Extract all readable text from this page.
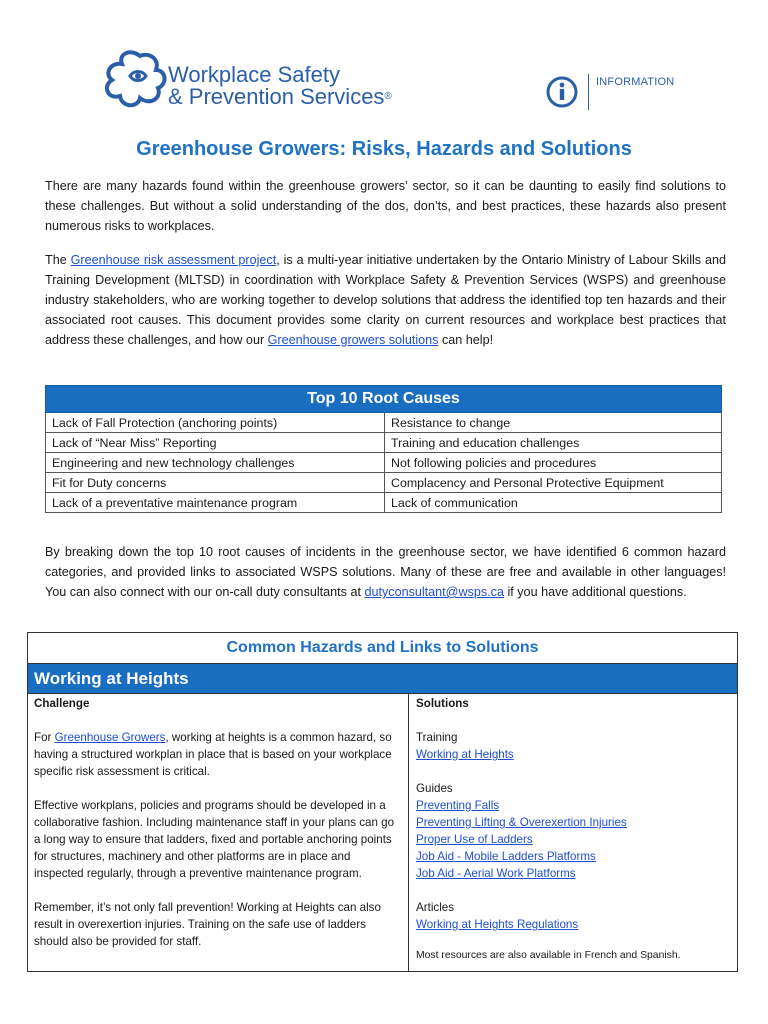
Workplace Safety
& Prevention Services®
INFORMATION
Greenhouse Growers: Risks, Hazards and Solutions

There are many hazards found within the greenhouse growers’ sector, so it can be daunting to easily find solutions to these challenges. But without a solid understanding of the dos, don’ts, and best practices, these hazards also present numerous risks to workplaces.

The Greenhouse risk assessment project, is a multi-year initiative undertaken by the Ontario Ministry of Labour Skills and Training Development (MLTSD) in coordination with Workplace Safety & Prevention Services (WSPS) and greenhouse industry stakeholders, who are working together to develop solutions that address the identified top ten hazards and their associated root causes. This document provides some clarity on current resources and workplace best practices that address these challenges, and how our Greenhouse growers solutions can help!

Top 10 Root Causes	
Lack of Fall Protection (anchoring points)	Resistance to change
Lack of “Near Miss” Reporting	Training and education challenges
Engineering and new technology challenges	Not following policies and procedures
Fit for Duty concerns	Complacency and Personal Protective Equipment
Lack of a preventative maintenance program	Lack of communication

By breaking down the top 10 root causes of incidents in the greenhouse sector, we have identified 6 common hazard categories, and provided links to associated WSPS solutions. Many of these are free and available in other languages! You can also connect with our on-call duty consultants at dutyconsultant@wsps.ca if you have additional questions.

Common Hazards and Links to Solutions
Working at Heights
Challenge

For Greenhouse Growers, working at heights is a common hazard, so having a structured workplan in place that is based on your workplace specific risk assessment is critical.

Effective workplans, policies and programs should be developed in a collaborative fashion. Including maintenance staff in your plans can go a long way to ensure that ladders, fixed and portable anchoring points for structures, machinery and other platforms are in place and inspected regularly, through a preventive maintenance program.

Remember, it’s not only fall prevention! Working at Heights can also result in overexertion injuries. Training on the safe use of ladders should also be provided for staff.

Solutions
Training
Working at Heights
Guides
Preventing Falls
Preventing Lifting & Overexertion Injuries
Proper Use of Ladders
Job Aid - Mobile Ladders Platforms
Job Aid - Aerial Work Platforms
Articles
Working at Heights Regulations
Most resources are also available in French and Spanish.
